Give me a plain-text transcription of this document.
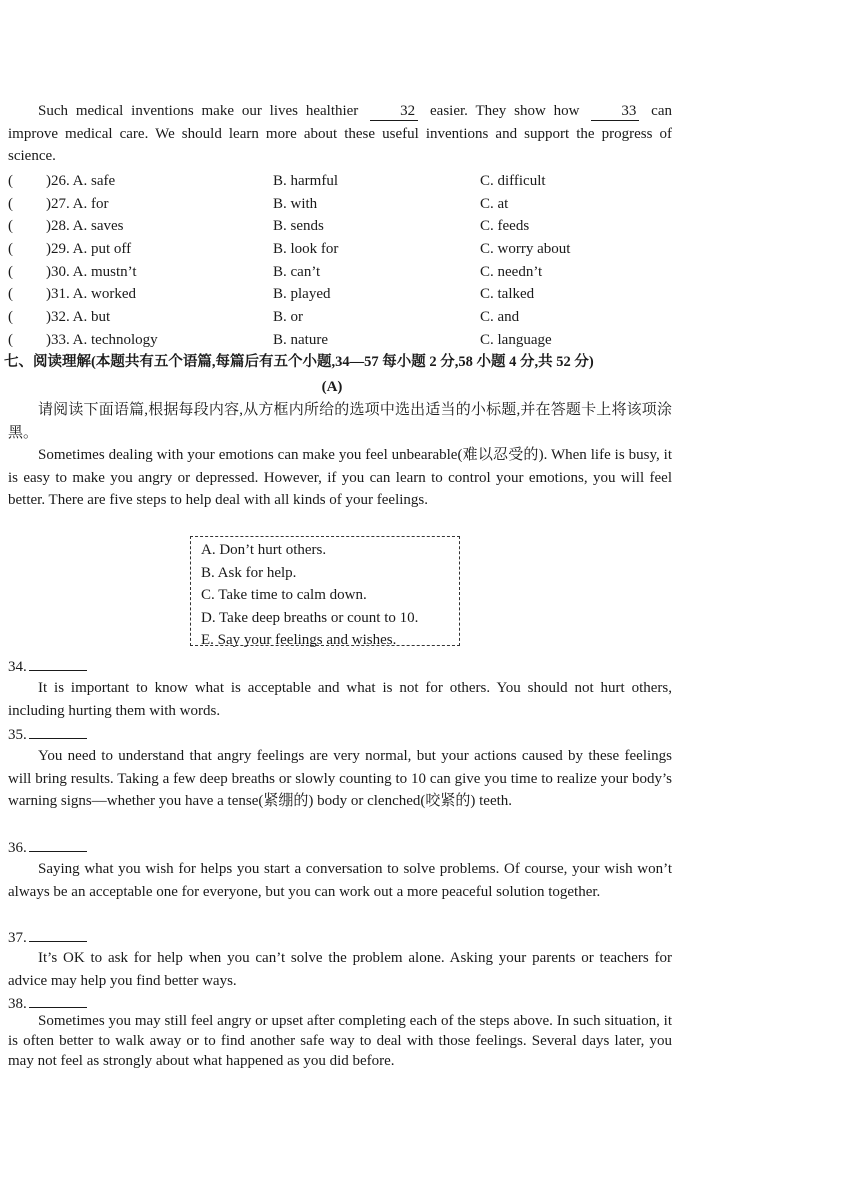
Such medical inventions make our lives healthier	32 easier. They show how	33 can improve medical care. We should learn more about these useful inventions and support the progress of science.

( )26. A. safe	B. harmful	C. difficult
( )27. A. for	B. with	C. at
( )28. A. saves	B. sends	C. feeds
( )29. A. put off	B. look for	C. worry about
( )30. A. mustn’t	B. can’t	C. needn’t
( )31. A. worked	B. played	C. talked
( )32. A. but	B. or	C. and
( )33. A. technology	B. nature	C. language
七、阅读理解(本题共有五个语篇,每篇后有五个小题,34—57 每小题 2 分,58 小题 4 分,共 52 分)
(A)

请阅读下面语篇,根据每段内容,从方框内所给的选项中选出适当的小标题,并在答题卡上将该项涂黑。

Sometimes dealing with your emotions can make you feel unbearable(难以忍受的). When life is busy, it is easy to make you angry or depressed. However, if you can learn to control your emotions, you will feel better. There are five steps to help deal with all kinds of your feelings.

A. Don’t hurt others.
B. Ask for help.
C. Take time to calm down.
D. Take deep breaths or count to 10.
E. Say your feelings and wishes.
34.

It is important to know what is acceptable and what is not for others. You should not hurt others, including hurting them with words.

35.

You need to understand that angry feelings are very normal, but your actions caused by these feelings will bring results. Taking a few deep breaths or slowly counting to 10 can give you time to realize your body’s warning signs—whether you have a tense(紧绷的) body or clenched(咬紧的) teeth.

36.

Saying what you wish for helps you start a conversation to solve problems. Of course, your wish won’t always be an acceptable one for everyone, but you can work out a more peaceful solution together.

37.

It’s OK to ask for help when you can’t solve the problem alone. Asking your parents or teachers for advice may help you find better ways.

38.

Sometimes you may still feel angry or upset after completing each of the steps above. In such situation, it is often better to walk away or to find another safe way to deal with those feelings. Several days later, you may not feel as strongly about what happened as you did before.
